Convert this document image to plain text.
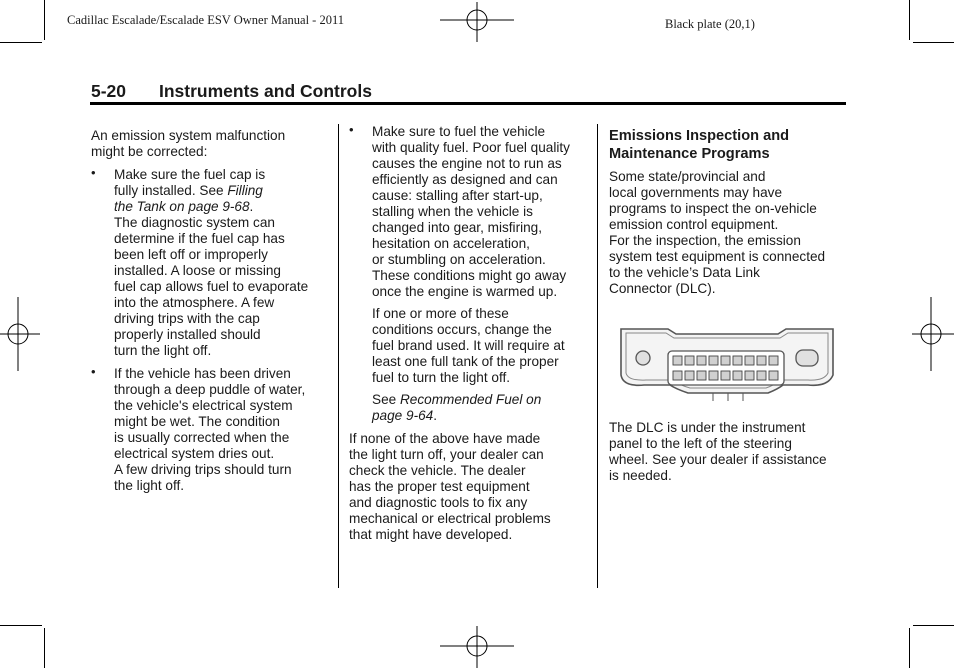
Cadillac Escalade/Escalade ESV Owner Manual - 2011	Black plate (20,1)
5-20 Instruments and Controls

An emission system malfunction
might be corrected:

• Make sure the fuel cap is
fully installed. See Filling
the Tank on page 9-68.
The diagnostic system can
determine if the fuel cap has
been left off or improperly
installed. A loose or missing
fuel cap allows fuel to evaporate
into the atmosphere. A few
driving trips with the cap
properly installed should
turn the light off.
• If the vehicle has been driven
through a deep puddle of water,
the vehicle's electrical system
might be wet. The condition
is usually corrected when the
electrical system dries out.
A few driving trips should turn
the light off.
• Make sure to fuel the vehicle
with quality fuel. Poor fuel quality
causes the engine not to run as
efficiently as designed and can
cause: stalling after start-up,
stalling when the vehicle is
changed into gear, misfiring,
hesitation on acceleration,
or stumbling on acceleration.
These conditions might go away
once the engine is warmed up.

If one or more of these
conditions occurs, change the
fuel brand used. It will require at
least one full tank of the proper
fuel to turn the light off.

See Recommended Fuel on
page 9-64.

If none of the above have made
the light turn off, your dealer can
check the vehicle. The dealer
has the proper test equipment
and diagnostic tools to fix any
mechanical or electrical problems
that might have developed.

Emissions Inspection and
Maintenance Programs

Some state/provincial and
local governments may have
programs to inspect the on-vehicle
emission control equipment.
For the inspection, the emission
system test equipment is connected
to the vehicle’s Data Link
Connector (DLC).

The DLC is under the instrument
panel to the left of the steering
wheel. See your dealer if assistance
is needed.
